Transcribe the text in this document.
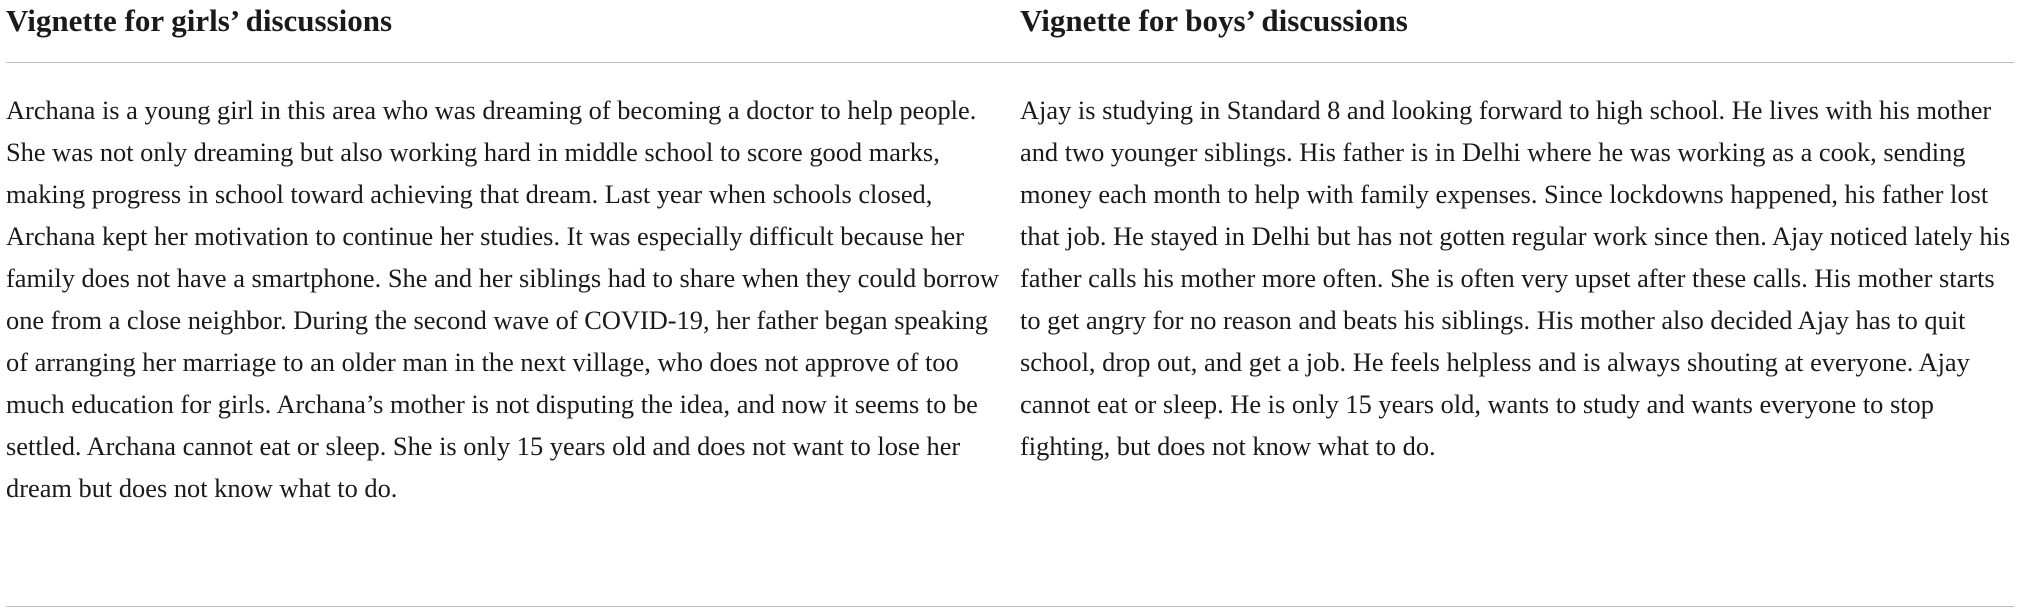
Vignette for girls’ discussions	Vignette for boys’ discussions
Archana is a young girl in this area who was dreaming of becoming a doctor to help people. She was not only dreaming but also working hard in middle school to score good marks, making progress in school toward achieving that dream. Last year when schools closed, Archana kept her motivation to continue her studies. It was especially difficult because her family does not have a smartphone. She and her siblings had to share when they could borrow one from a close neighbor. During the second wave of COVID-19, her father began speaking of arranging her marriage to an older man in the next village, who does not approve of too much education for girls. Archana’s mother is not disputing the idea, and now it seems to be settled. Archana cannot eat or sleep. She is only 15 years old and does not want to lose her dream but does not know what to do.
Ajay is studying in Standard 8 and looking forward to high school. He lives with his mother and two younger siblings. His father is in Delhi where he was working as a cook, sending money each month to help with family expenses. Since lockdowns happened, his father lost that job. He stayed in Delhi but has not gotten regular work since then. Ajay noticed lately his father calls his mother more often. She is often very upset after these calls. His mother starts to get angry for no reason and beats his siblings. His mother also decided Ajay has to quit school, drop out, and get a job. He feels helpless and is always shouting at everyone. Ajay cannot eat or sleep. He is only 15 years old, wants to study and wants everyone to stop fighting, but does not know what to do.
